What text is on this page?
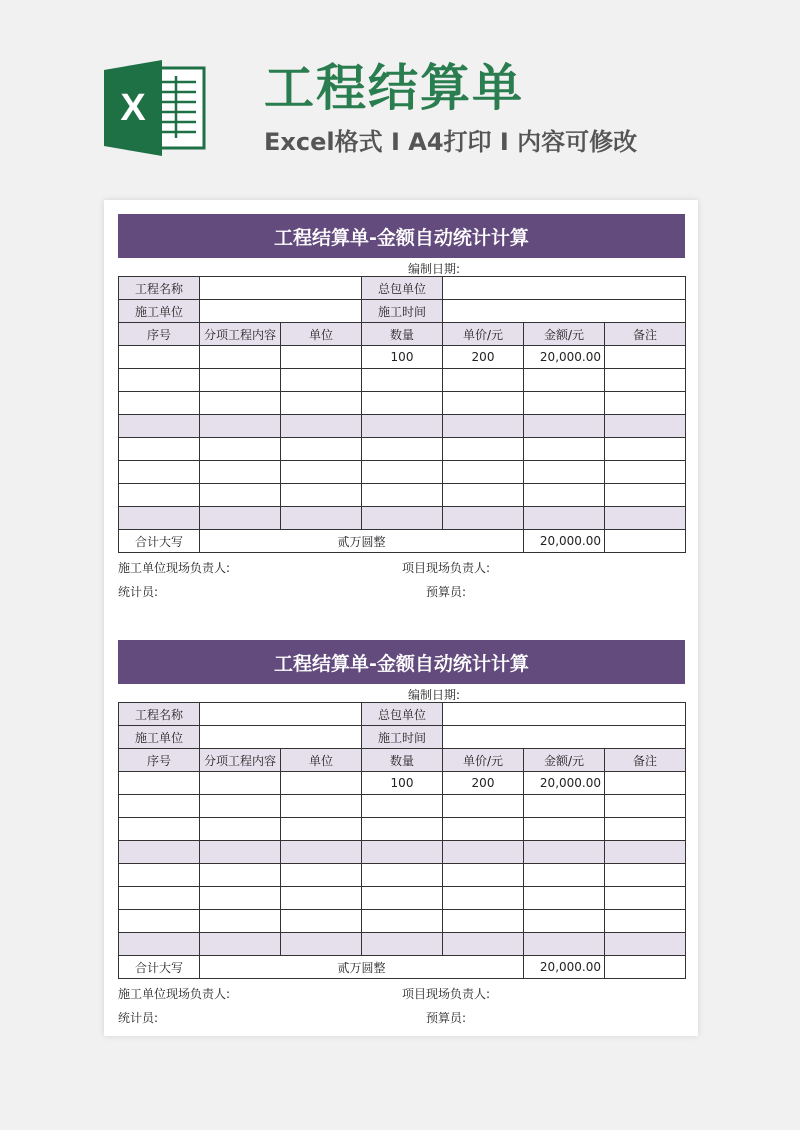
X 工程结算单
Excel格式 I A4打印 I 内容可修改
工程结算单-金额自动统计计算
编制日期:
工程名称			总包单位			
施工单位			施工时间			
序号	分项工程内容	单位	数量	单价/元	金额/元	备注
			100	200	20,000.00	

合计大写	贰万圆整				20,000.00	
施工单位现场负责人:	项目现场负责人:
统计员:	预算员:
工程结算单-金额自动统计计算
编制日期:
工程名称			总包单位			
施工单位			施工时间			
序号	分项工程内容	单位	数量	单价/元	金额/元	备注
			100	200	20,000.00	

合计大写	贰万圆整				20,000.00	
施工单位现场负责人:	项目现场负责人:
统计员:	预算员:
